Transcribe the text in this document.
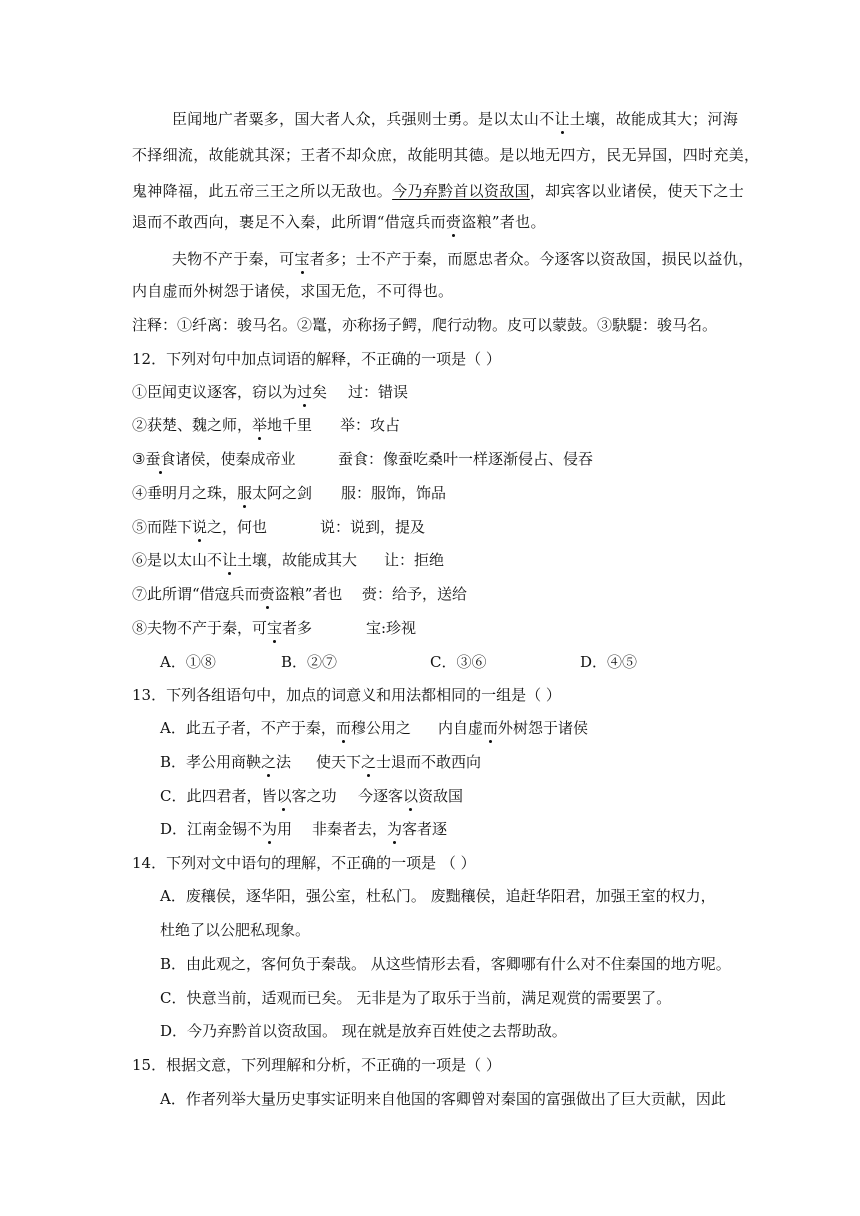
臣闻地广者粟多，国大者人众，兵强则士勇。是以太山不让土壤，故能成其大；河海
不择细流，故能就其深；王者不却众庶，故能明其德。是以地无四方，民无异国，四时充美，
鬼神降福，此五帝三王之所以无敌也。今乃弃黔首以资敌国，却宾客以业诸侯，使天下之士
退而不敢西向，裹足不入秦，此所谓“借寇兵而赍盗粮”者也。
夫物不产于秦，可宝者多；士不产于秦，而愿忠者众。今逐客以资敌国，损民以益仇，
内自虚而外树怨于诸侯，求国无危，不可得也。
注释：①纤离：骏马名。②鼍，亦称扬子鳄，爬行动物。皮可以蒙鼓。③駃騠：骏马名。
12．下列对句中加点词语的解释，不正确的一项是（ ）
①臣闻吏议逐客，窃以为过矣 过：错误
②获楚、魏之师，举地千里 举：攻占
③蚕食诸侯，使秦成帝业	蚕食：像蚕吃桑叶一样逐渐侵占、侵吞
④垂明月之珠，服太阿之剑 服：服饰，饰品
⑤而陛下说之，何也	说：说到，提及
⑥是以太山不让土壤，故能成其大 让：拒绝
⑦此所谓“借寇兵而赍盗粮”者也 赍：给予，送给
⑧夫物不产于秦，可宝者多	宝:珍视
A．①⑧	B．②⑦	C．③⑥	D．④⑤
13．下列各组语句中，加点的词意义和用法都相同的一组是（ ）
A．此五子者，不产于秦，而穆公用之 内自虚而外树怨于诸侯
B．孝公用商鞅之法 使天下之士退而不敢西向
C．此四君者，皆以客之功 今逐客以资敌国
D．江南金锡不为用 非秦者去，为客者逐
14．下列对文中语句的理解，不正确的一项是 （ ）
A．废穰侯，逐华阳，强公室，杜私门。 废黜穰侯，追赶华阳君，加强王室的权力，
杜绝了以公肥私现象。
B．由此观之，客何负于秦哉。 从这些情形去看，客卿哪有什么对不住秦国的地方呢。
C．快意当前，适观而已矣。 无非是为了取乐于当前，满足观赏的需要罢了。
D．今乃弃黔首以资敌国。 现在就是放弃百姓使之去帮助敌。
15．根据文意，下列理解和分析，不正确的一项是（ ）
A．作者列举大量历史事实证明来自他国的客卿曾对秦国的富强做出了巨大贡献，因此
